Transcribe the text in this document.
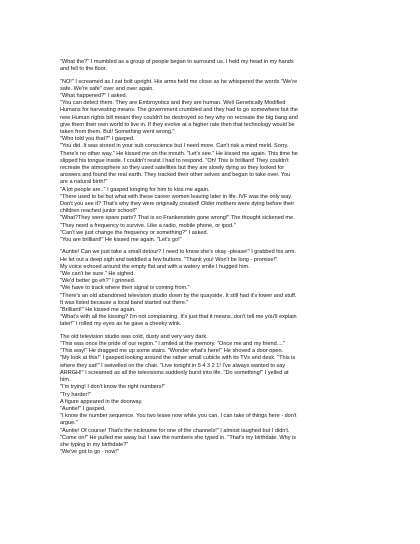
"What the?" I mumbled as a group of people began to surround us. I held my head in my hands
and fell to the floor.
"NO!" I screamed as I sat bolt upright. His arms held me close as he whispered the words "We're
safe. We're safe" over and over again.
"What happened?" I asked.
"You can detect them. They are Embroyotics and they are human. Well Genetically Modified
Humans for harvesting means. The government crumbled and they had to go somewhere but the
new Human rights bill meant they couldn't be destroyed so hey why no recreate the big bang and
give them their own world to live in. If they evolve at a higher rate then that technology would be
taken from them. But! Something went wrong."
"Who told you that?" I gasped.
"You did. It was stored in your sub conscience but I need more. Can't risk a mind meld. Sorry.
There's no other way." He kissed me on the mouth. "Let's see." He kissed me again. This time he
slipped his tongue inside. I couldn't resist I had to respond. "Oh! This is brilliant! They couldn't
recreate the atmosphere so they used satellites but they are slowly dying so they looked for
answers and found the real earth. They tracked their other selves and began to take over. You
are a natural birth!"
"A lot people are.." I gasped longing for him to kiss me again.
"There used to be but what with these career women leaving later in life. IVF was the only way.
Don't you see it? That's why they were originally created! Older mothers were dying before their
children reached junior school!"
"What?They were spare parts? That is so Frankenstein gone wrong!" The thought sickened me.
"They need a frequency to survive. Like a radio, mobile phone, or ipod."
"Can't we just change the frequency or something?" I asked.
"You are brilliant!" He kissed me again. "Let's go!"
"Auntie! Can we just take a small detour? I need to know she's okay -please!" I grabbed his arm.
He let out a deep sigh and twiddled a few buttons. "Thank you! Won't be long - promise!"
My voice echoed around the empty flat and with a watery smile I hugged him.
"We can't be sure." He sighed.
"We'd better go eh?" I grinned.
"We have to track where their signal is coming from."
"There's an old abandoned television studio down by the quayside. It still had it's tower and stuff.
It was listed because a local band started out there."
"Brilliant!" He kissed me again.
"What's with all the kissing? I'm not complaining. It's just that it means..don't tell me you'll explain
later!" I rolled my eyes as he gave a cheeky wink.
The old television studio was cold, dusty and very very dark.
"This was once the pride of our region." I smiled at the memory. "Once me and my friend...."
"This way!" He dragged me up some stairs. "Wonder what's here!" He shoved a door open.
"My look at this!" I gasped looking around the rather small cubicle with its TVs and desk. "This is
where they sat!" I swivelled on the chair. "Live tonight in 5 4 3 2 1! I've always wanted to say
ARRGH!" I screamed as all the televisions suddenly burst into life. "Do something!" I yelled at
him.
"I'm trying! I don't know the right numbers!"
"Try harder!"
A figure appeared in the doorway.
"Auntie!" I gasped.
"I know the number sequence. You two leave now while you can. I can take of things here - don't
argue."
"Auntie! Of course! That's the nickname for one of the channels!" I almost laughed but I didn't.
"Come on!" He pulled me away but I saw the numbers she typed in. "That's my birthdate. Why is
she typing in my birthdate?"
"We've got to go - now!"
